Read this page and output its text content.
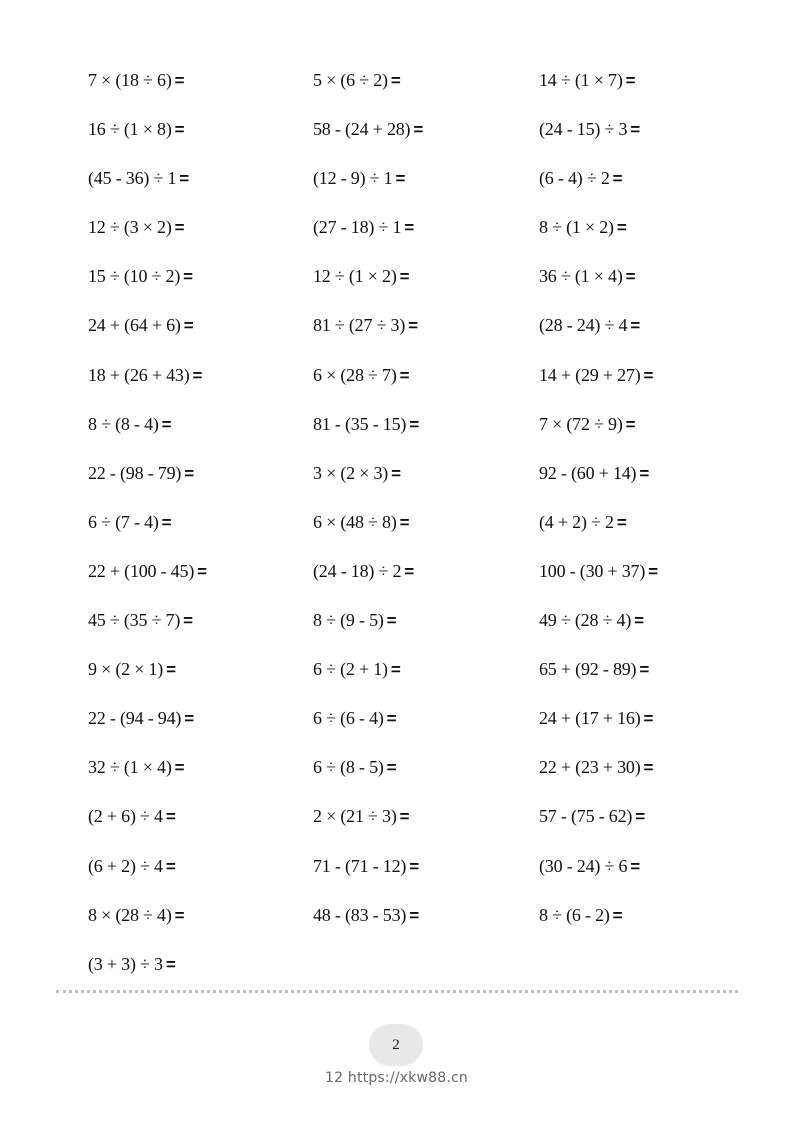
7 × (18 ÷ 6) =	5 × (6 ÷ 2) =	14 ÷ (1 × 7) =
16 ÷ (1 × 8) =	58 - (24 + 28) =	(24 - 15) ÷ 3 =
(45 - 36) ÷ 1 =	(12 - 9) ÷ 1 =	(6 - 4) ÷ 2 =
12 ÷ (3 × 2) =	(27 - 18) ÷ 1 =	8 ÷ (1 × 2) =
15 ÷ (10 ÷ 2) =	12 ÷ (1 × 2) =	36 ÷ (1 × 4) =
24 + (64 + 6) =	81 ÷ (27 ÷ 3) =	(28 - 24) ÷ 4 =
18 + (26 + 43) =	6 × (28 ÷ 7) =	14 + (29 + 27) =
8 ÷ (8 - 4) =	81 - (35 - 15) =	7 × (72 ÷ 9) =
22 - (98 - 79) =	3 × (2 × 3) =	92 - (60 + 14) =
6 ÷ (7 - 4) =	6 × (48 ÷ 8) =	(4 + 2) ÷ 2 =
22 + (100 - 45) =	(24 - 18) ÷ 2 =	100 - (30 + 37) =
45 ÷ (35 ÷ 7) =	8 ÷ (9 - 5) =	49 ÷ (28 ÷ 4) =
9 × (2 × 1) =	6 ÷ (2 + 1) =	65 + (92 - 89) =
22 - (94 - 94) =	6 ÷ (6 - 4) =	24 + (17 + 16) =
32 ÷ (1 × 4) =	6 ÷ (8 - 5) =	22 + (23 + 30) =
(2 + 6) ÷ 4 =	2 × (21 ÷ 3) =	57 - (75 - 62) =
(6 + 2) ÷ 4 =	71 - (71 - 12) =	(30 - 24) ÷ 6 =
8 × (28 ÷ 4) =	48 - (83 - 53) =	8 ÷ (6 - 2) =
(3 + 3) ÷ 3 =
2
12 https://xkw88.cn
